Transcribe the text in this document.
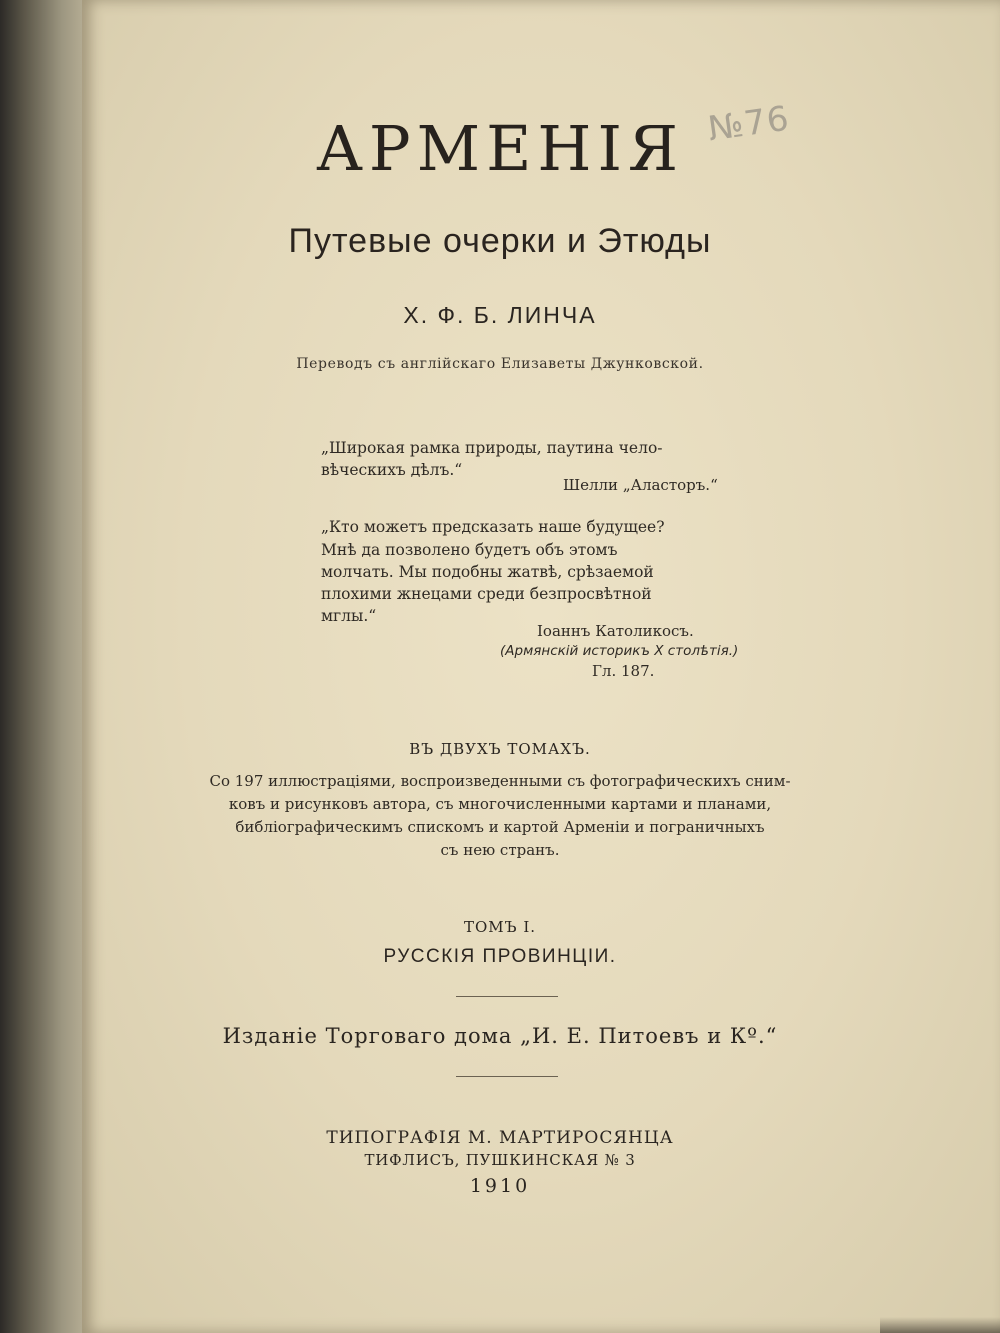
№76
АРМЕНІЯ
Путевые очерки и Этюды
Х. Ф. Б. ЛИНЧА
Переводъ съ англійскаго Елизаветы Джунковской.
„Широкая рамка природы, паутина чело-
вѣческихъ дѣлъ.“
Шелли „Аласторъ.“
„Кто можетъ предсказать наше будущее?
Мнѣ да позволено будетъ объ этомъ
молчать. Мы подобны жатвѣ, срѣзаемой
плохими жнецами среди безпросвѣтной
мглы.“
Іоаннъ Католикосъ.
(Армянскій историкъ X столѣтія.)
Гл. 187.
ВЪ ДВУХЪ ТОМАХЪ.
Со 197 иллюстраціями, воспроизведенными съ фотографическихъ сним-
ковъ и рисунковъ автора, съ многочисленными картами и планами,
библіографическимъ спискомъ и картой Арменіи и пограничныхъ
съ нею странъ.
ТОМЪ I.
РУССКІЯ ПРОВИНЦІИ.
Изданіе Торговаго дома „И. Е. Питоевъ и Кº.“
ТИПОГРАФІЯ М. МАРТИРОСЯНЦА
ТИФЛИСЪ, ПУШКИНСКАЯ № 3
1910
